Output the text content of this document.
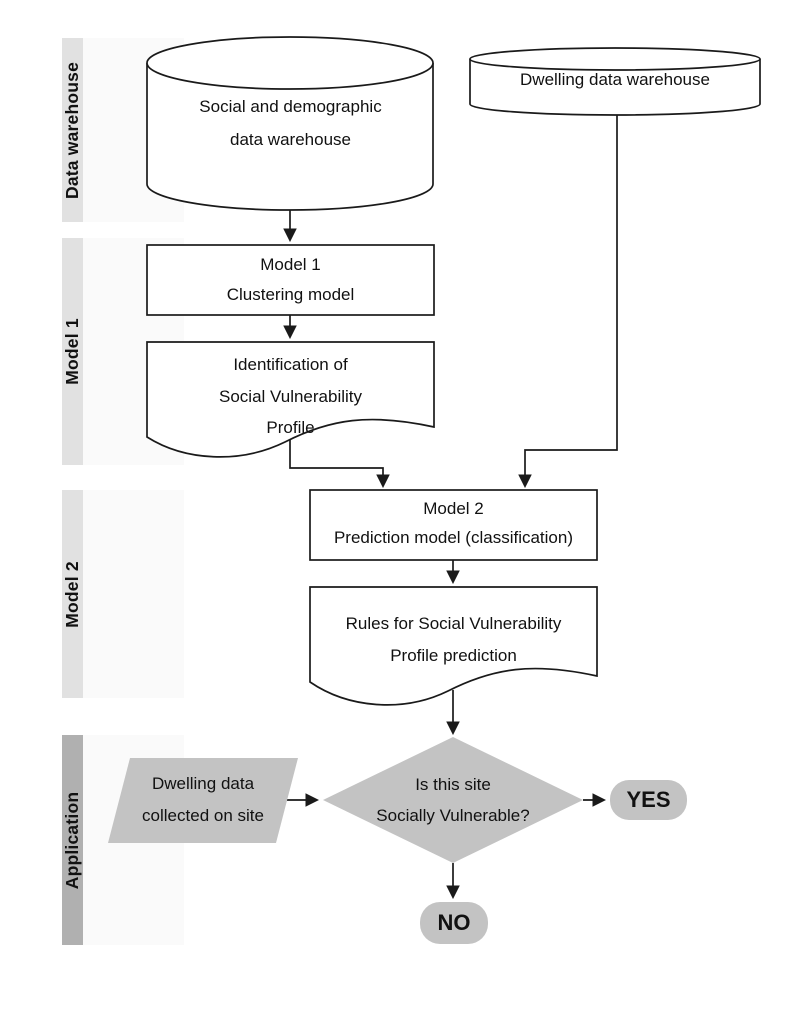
Data warehouse
Model 1
Model 2
Application
Social and demographic
data warehouse
Dwelling data warehouse
Model 1
Clustering model
Identification of
Social Vulnerability
Profile
Model 2
Prediction model (classification)
Rules for Social Vulnerability
Profile prediction
Is this site
Socially Vulnerable?
Dwelling data
collected on site
YES
NO
